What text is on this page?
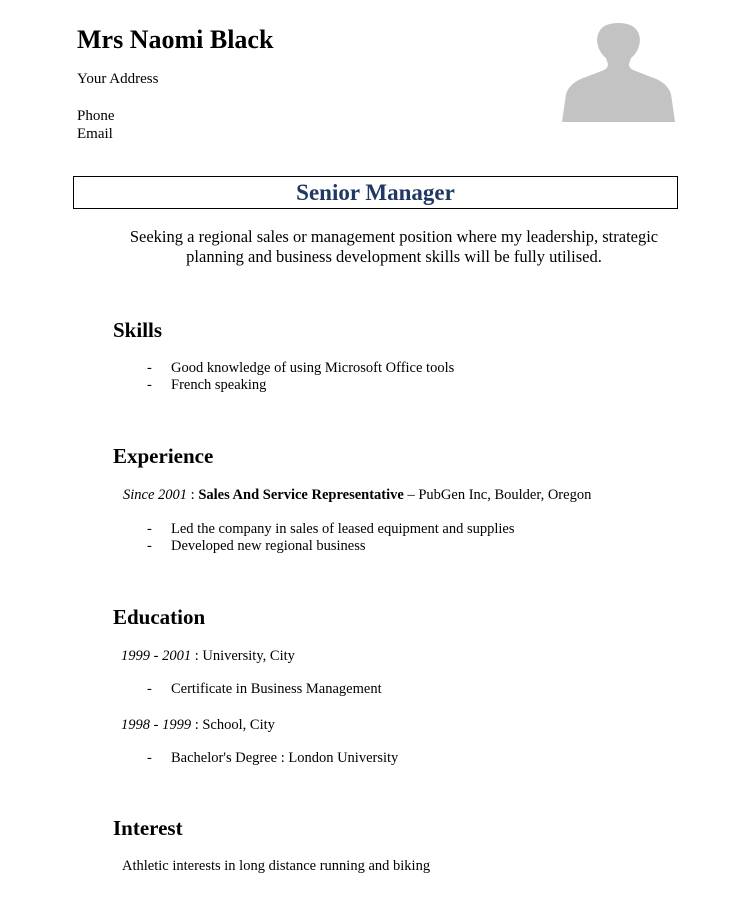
Mrs Naomi Black
Your Address
Phone
Email
Senior Manager
Seeking a regional sales or management position where my leadership, strategic planning and business development skills will be fully utilised.
Skills
- Good knowledge of using Microsoft Office tools
- French speaking
Experience
Since 2001 : Sales And Service Representative – PubGen Inc, Boulder, Oregon
- Led the company in sales of leased equipment and supplies
- Developed new regional business
Education
1999 - 2001 : University, City
- Certificate in Business Management
1998 - 1999 : School, City
- Bachelor's Degree : London University
Interest
Athletic interests in long distance running and biking
